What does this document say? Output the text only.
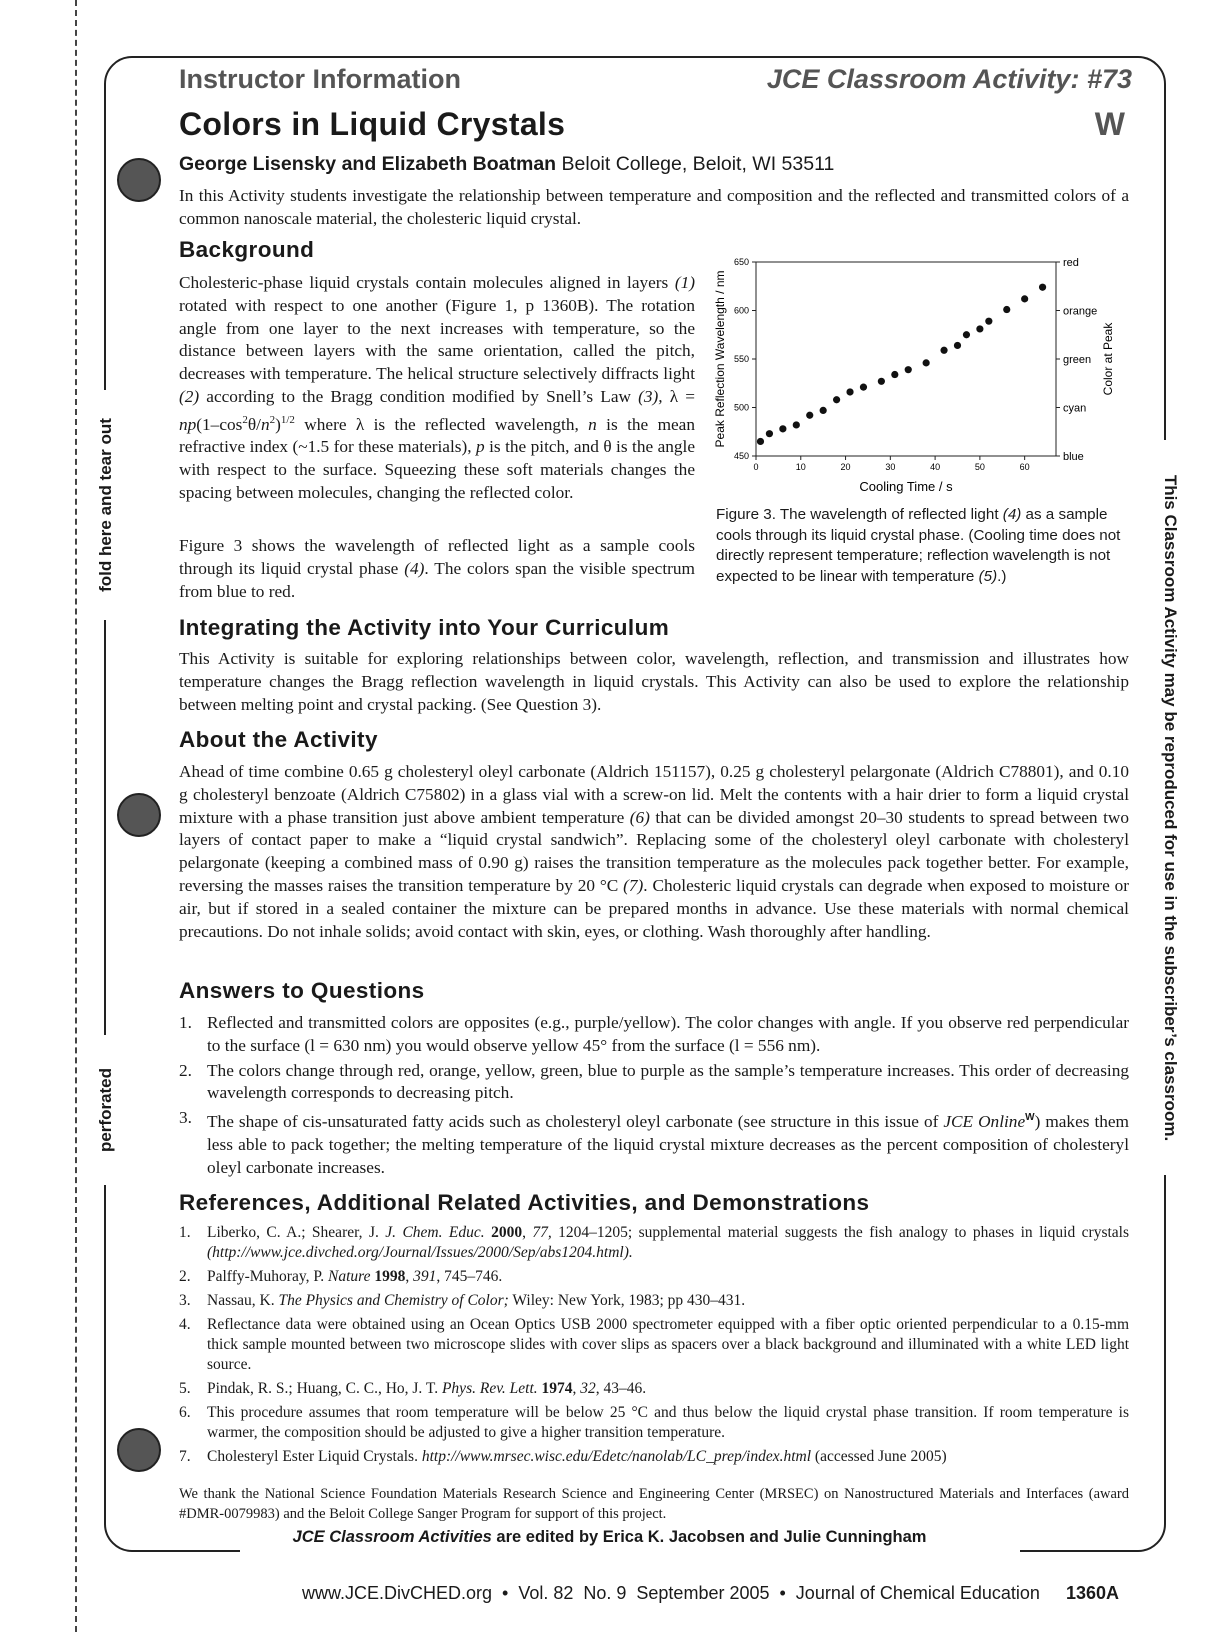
fold here and tear out
perforated	This Classroom Activity may be reproduced for use in the subscriber’s classroom.
Instructor Information	JCE Classroom Activity: #73
Colors in Liquid Crystals	W
George Lisensky and Elizabeth Boatman Beloit College, Beloit, WI 53511
In this Activity students investigate the relationship between temperature and composition and the reflected and transmitted colors of a common nanoscale material, the cholesteric liquid crystal.
Background
Cholesteric-phase liquid crystals contain molecules aligned in layers (1) rotated with respect to one another (Figure 1, p 1360B). The rotation angle from one layer to the next increases with temperature, so the distance between layers with the same orientation, called the pitch, decreases with temperature. The helical structure selectively diffracts light (2) according to the Bragg condition modified by Snell’s Law (3), $\lambda = np(1-\cos^2\theta/n^2)^{1/2}$ where λ is the reflected wavelength, n is the mean refractive index (~1.5 for these materials), p is the pitch, and θ is the angle with respect to the surface. Squeezing these soft materials changes the spacing between molecules, changing the reflected color.
Figure 3 shows the wavelength of reflected light as a sample cools through its liquid crystal phase (4). The colors span the visible spectrum from blue to red.
0	10	20	30	40	50	60
450
500
550
600
650	red
orange
green
cyan
blue
Cooling Time / s
Peak Reflection Wavelength / nm	Color at Peak
Figure 3. The wavelength of reflected light (4) as a sample cools through its liquid crystal phase. (Cooling time does not directly represent temperature; reflection wavelength is not expected to be linear with temperature (5).)
Integrating the Activity into Your Curriculum
This Activity is suitable for exploring relationships between color, wavelength, reflection, and transmission and illustrates how temperature changes the Bragg reflection wavelength in liquid crystals. This Activity can also be used to explore the relationship between melting point and crystal packing. (See Question 3).
About the Activity
Ahead of time combine 0.65 g cholesteryl oleyl carbonate (Aldrich 151157), 0.25 g cholesteryl pelargonate (Aldrich C78801), and 0.10 g cholesteryl benzoate (Aldrich C75802) in a glass vial with a screw-on lid. Melt the contents with a hair drier to form a liquid crystal mixture with a phase transition just above ambient temperature (6) that can be divided amongst 20–30 students to spread between two layers of contact paper to make a “liquid crystal sandwich”. Replacing some of the cholesteryl oleyl carbonate with cholesteryl pelargonate (keeping a combined mass of 0.90 g) raises the transition temperature as the molecules pack together better. For example, reversing the masses raises the transition temperature by 20 °C (7). Cholesteric liquid crystals can degrade when exposed to moisture or air, but if stored in a sealed container the mixture can be prepared months in advance. Use these materials with normal chemical precautions. Do not inhale solids; avoid contact with skin, eyes, or clothing. Wash thoroughly after handling.
Answers to Questions
1. Reflected and transmitted colors are opposites (e.g., purple/yellow). The color changes with angle. If you observe red perpendicular to the surface (l = 630 nm) you would observe yellow 45° from the surface (l = 556 nm).
2. The colors change through red, orange, yellow, green, blue to purple as the sample’s temperature increases. This order of decreasing wavelength corresponds to decreasing pitch.
3. The shape of cis-unsaturated fatty acids such as cholesteryl oleyl carbonate (see structure in this issue of JCE Online$^W$) makes them less able to pack together; the melting temperature of the liquid crystal mixture decreases as the percent composition of cholesteryl oleyl carbonate increases.
References, Additional Related Activities, and Demonstrations
1. Liberko, C. A.; Shearer, J. J. Chem. Educ. 2000, 77, 1204–1205; supplemental material suggests the fish analogy to phases in liquid crystals (http://www.jce.divched.org/Journal/Issues/2000/Sep/abs1204.html).
2. Palffy-Muhoray, P. Nature 1998, 391, 745–746.
3. Nassau, K. The Physics and Chemistry of Color; Wiley: New York, 1983; pp 430–431.
4. Reflectance data were obtained using an Ocean Optics USB 2000 spectrometer equipped with a fiber optic oriented perpendicular to a 0.15-mm thick sample mounted between two microscope slides with cover slips as spacers over a black background and illuminated with a white LED light source.
5. Pindak, R. S.; Huang, C. C., Ho, J. T. Phys. Rev. Lett. 1974, 32, 43–46.
6. This procedure assumes that room temperature will be below 25 °C and thus below the liquid crystal phase transition. If room temperature is warmer, the composition should be adjusted to give a higher transition temperature.
7. Cholesteryl Ester Liquid Crystals. http://www.mrsec.wisc.edu/Edetc/nanolab/LC_prep/index.html (accessed June 2005)
We thank the National Science Foundation Materials Research Science and Engineering Center (MRSEC) on Nanostructured Materials and Interfaces (award #DMR-0079983) and the Beloit College Sanger Program for support of this project.
JCE Classroom Activities are edited by Erica K. Jacobsen and Julie Cunningham
www.JCE.DivCHED.org  •  Vol. 82  No. 9  September 2005  •  Journal of Chemical Education 1360A
